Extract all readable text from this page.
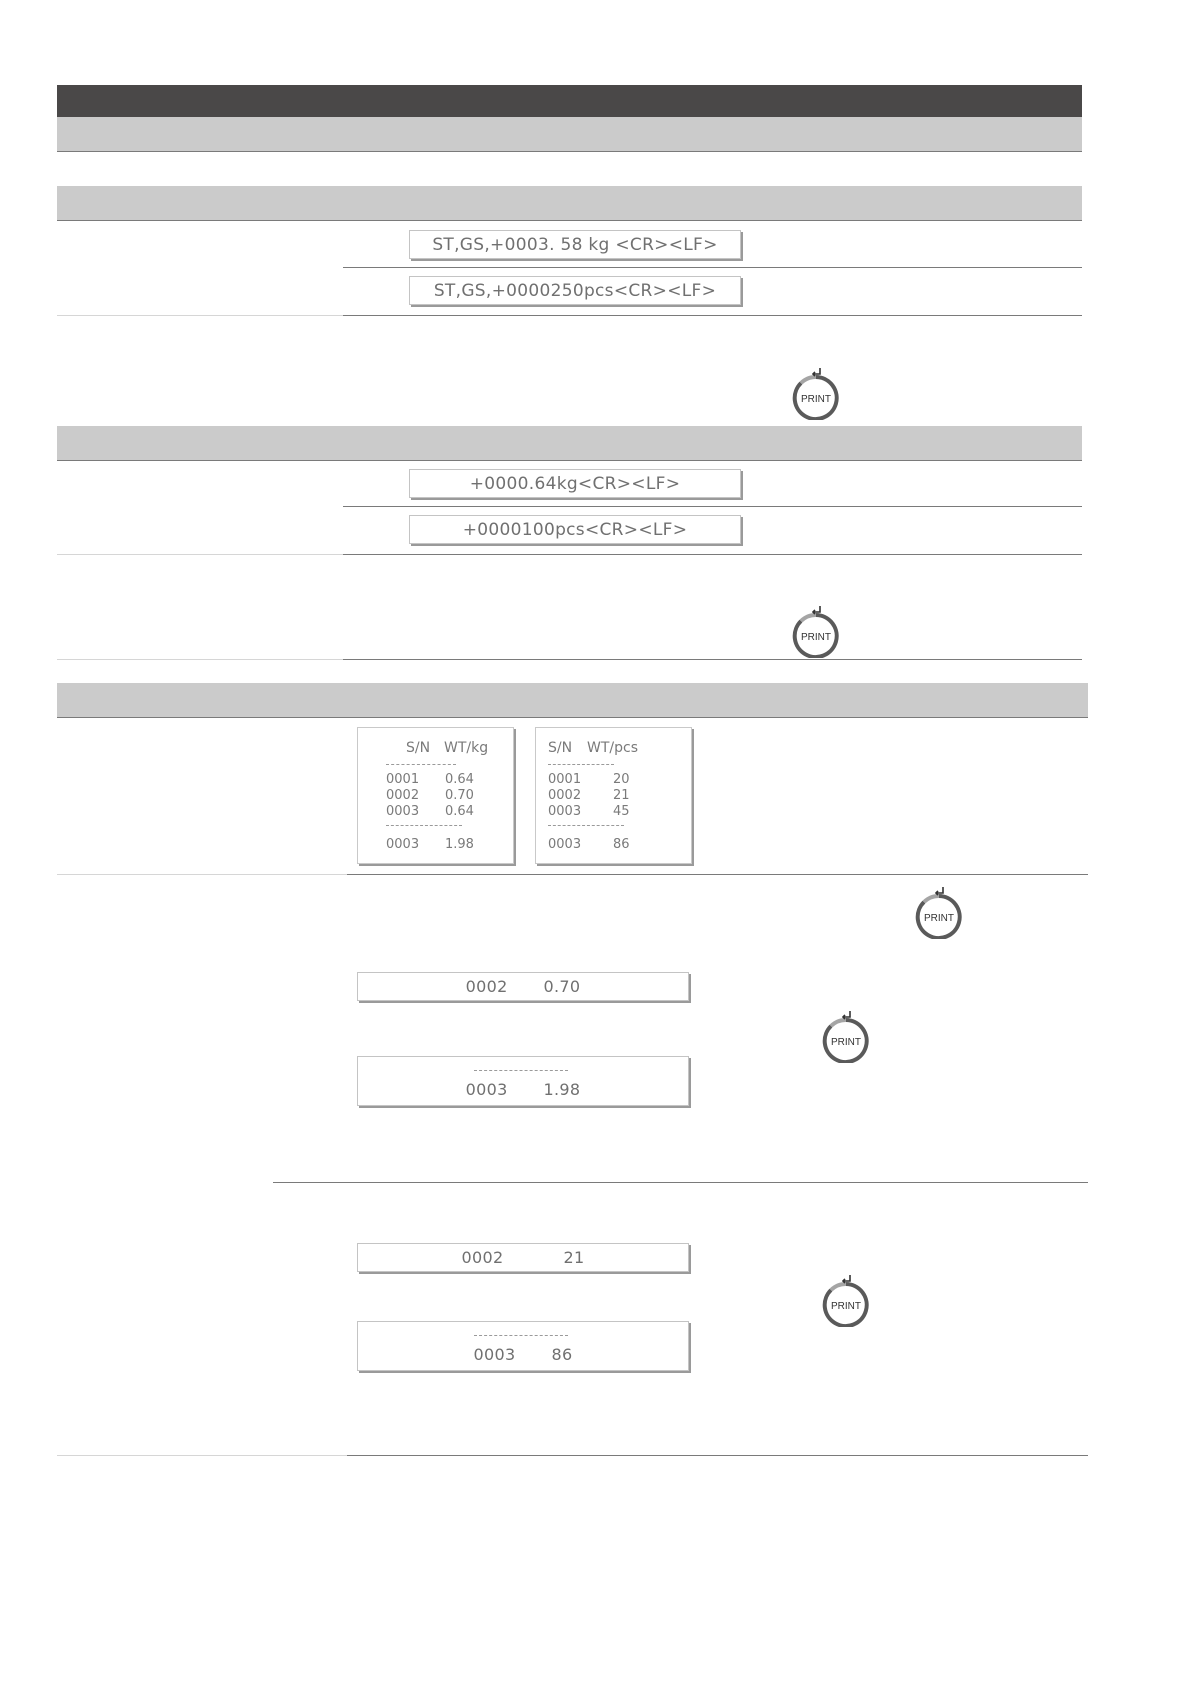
ST,GS,+0003. 58 kg <CR><LF>
ST,GS,+0000250pcs<CR><LF>
PRINT
+0000.64kg<CR><LF>
+0000100pcs<CR><LF>
PRINT
S/N WT/kg
0001 0.64
0002 0.70
0003 0.64
0003 1.98
S/N WT/pcs
0001 20
0002 21
0003 45
0003 86
PRINT
0002 0.70
PRINT
0003 1.98
0002	21
PRINT
0003 86
